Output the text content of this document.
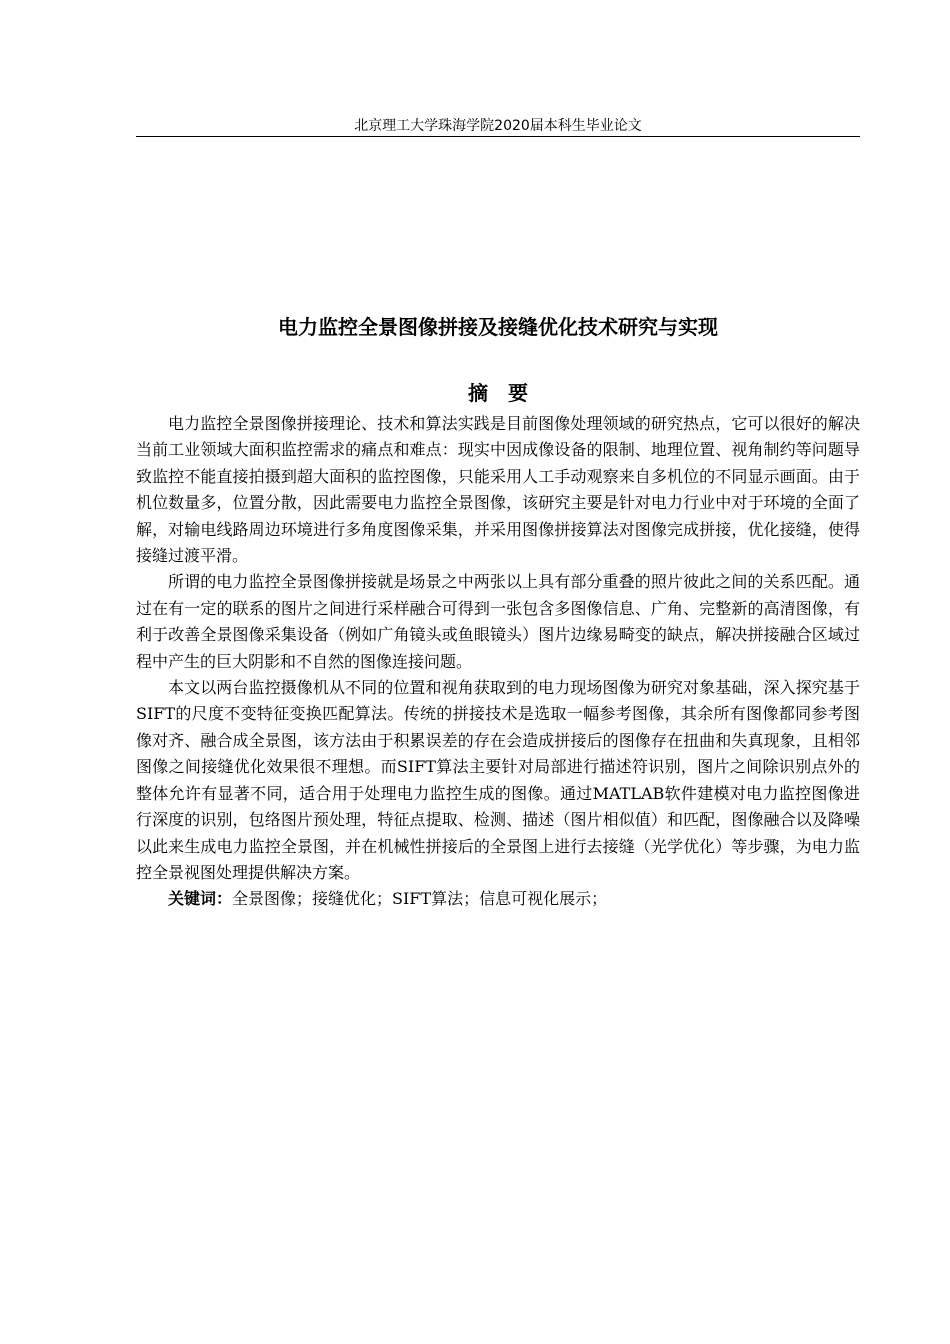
北京理工大学珠海学院2020届本科生毕业论文
电力监控全景图像拼接及接缝优化技术研究与实现
摘　要

电力监控全景图像拼接理论、技术和算法实践是目前图像处理领域的研究热点，它可以很好的解决当前工业领域大面积监控需求的痛点和难点：现实中因成像设备的限制、地理位置、视角制约等问题导致监控不能直接拍摄到超大面积的监控图像，只能采用人工手动观察来自多机位的不同显示画面。由于机位数量多，位置分散，因此需要电力监控全景图像，该研究主要是针对电力行业中对于环境的全面了解，对输电线路周边环境进行多角度图像采集，并采用图像拼接算法对图像完成拼接，优化接缝，使得接缝过渡平滑。

所谓的电力监控全景图像拼接就是场景之中两张以上具有部分重叠的照片彼此之间的关系匹配。通过在有一定的联系的图片之间进行采样融合可得到一张包含多图像信息、广角、完整新的高清图像，有利于改善全景图像采集设备（例如广角镜头或鱼眼镜头）图片边缘易畸变的缺点，解决拼接融合区域过程中产生的巨大阴影和不自然的图像连接问题。

本文以两台监控摄像机从不同的位置和视角获取到的电力现场图像为研究对象基础，深入探究基于SIFT的尺度不变特征变换匹配算法。传统的拼接技术是选取一幅参考图像，其余所有图像都同参考图像对齐、融合成全景图，该方法由于积累误差的存在会造成拼接后的图像存在扭曲和失真现象，且相邻图像之间接缝优化效果很不理想。而SIFT算法主要针对局部进行描述符识别，图片之间除识别点外的整体允许有显著不同，适合用于处理电力监控生成的图像。通过MATLAB软件建模对电力监控图像进行深度的识别，包络图片预处理，特征点提取、检测、描述（图片相似值）和匹配，图像融合以及降噪以此来生成电力监控全景图，并在机械性拼接后的全景图上进行去接缝（光学优化）等步骤，为电力监控全景视图处理提供解决方案。

关键词：全景图像；接缝优化；SIFT算法；信息可视化展示；
